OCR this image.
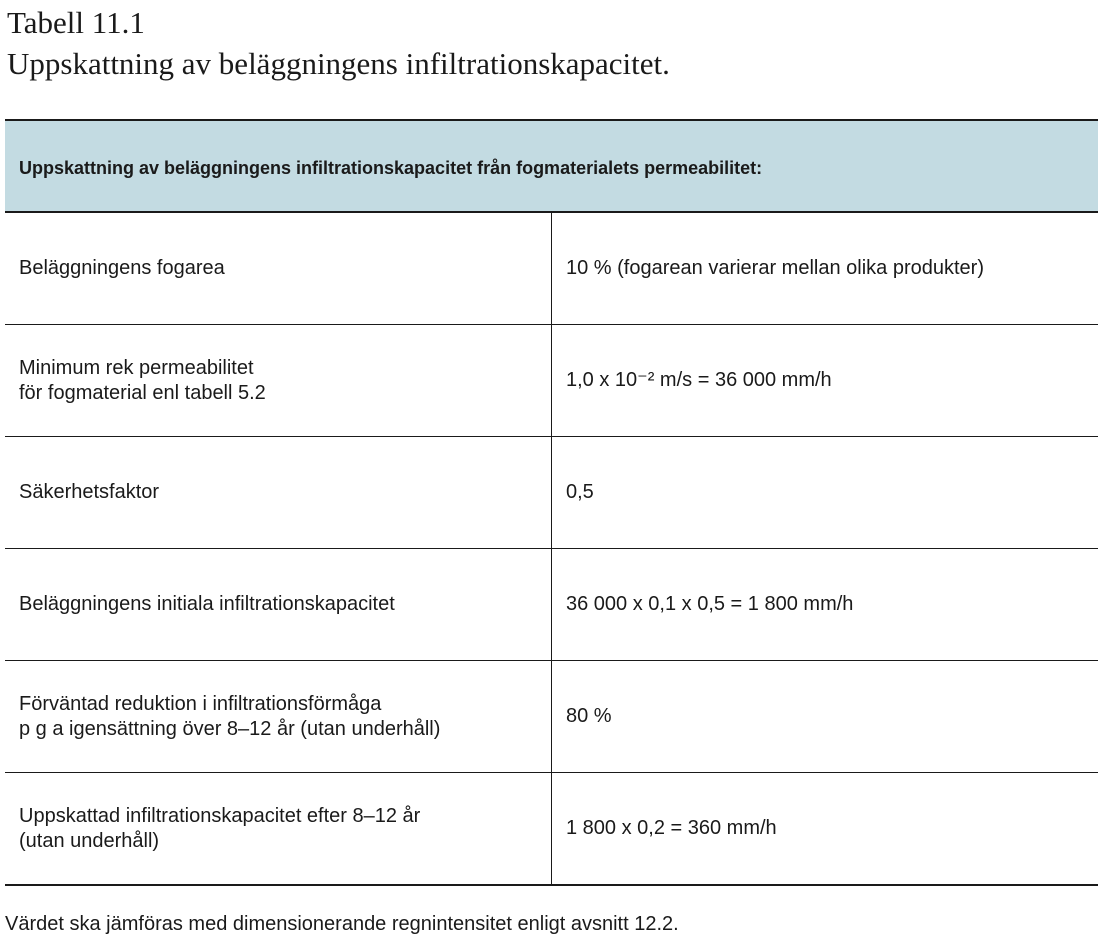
Tabell 11.1
Uppskattning av beläggningens infiltrationskapacitet.
Uppskattning av beläggningens infiltrationskapacitet från fogmaterialets permeabilitet:	

Beläggningens fogarea	10 % (fogarean varierar mellan olika produkter)

Minimum rek permeabilitet
för fogmaterial enl tabell 5.2	1,0 x 10⁻² m/s = 36 000 mm/h

Säkerhetsfaktor	0,5

Beläggningens initiala infiltrationskapacitet	36 000 x 0,1 x 0,5 = 1 800 mm/h

Förväntad reduktion i infiltrationsförmåga
p g a igensättning över 8–12 år (utan underhåll)	80 %

Uppskattad infiltrationskapacitet efter 8–12 år
(utan underhåll)	1 800 x 0,2 = 360 mm/h
Värdet ska jämföras med dimensionerande regnintensitet enligt avsnitt 12.2.
